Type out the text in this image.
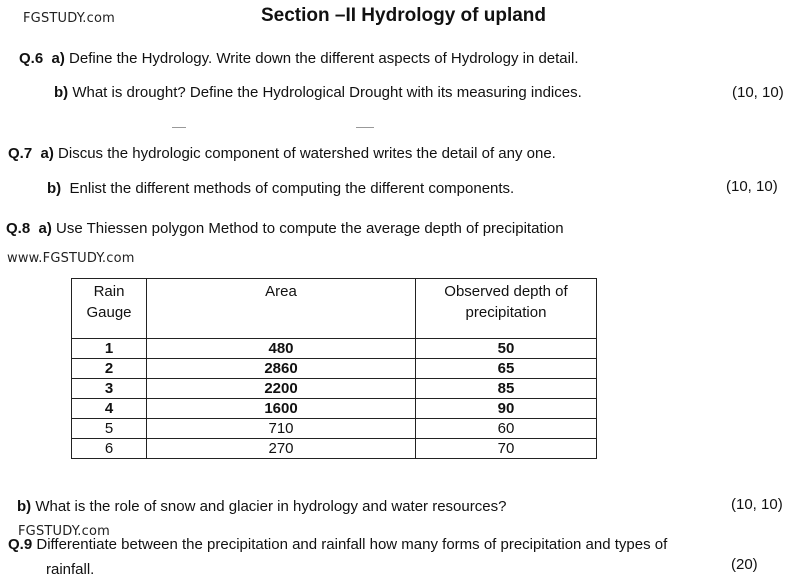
FGSTUDY.com	Section –II Hydrology of upland
Q.6 a) Define the Hydrology. Write down the different aspects of Hydrology in detail.
b) What is drought? Define the Hydrological Drought with its measuring indices.	(10, 10)
Q.7 a) Discus the hydrologic component of watershed writes the detail of any one.
b) Enlist the different methods of computing the different components.	(10, 10)
Q.8 a) Use Thiessen polygon Method to compute the average depth of precipitation
www.FGSTUDY.com
Rain Gauge	Area	Observed depth of precipitation
1	480	50
2	2860	65
3	2200	85
4	1600	90
5	710	60
6	270	70
b) What is the role of snow and glacier in hydrology and water resources?	(10, 10)
FGSTUDY.com
Q.9 Differentiate between the precipitation and rainfall how many forms of precipitation and types of
rainfall.	(20)
